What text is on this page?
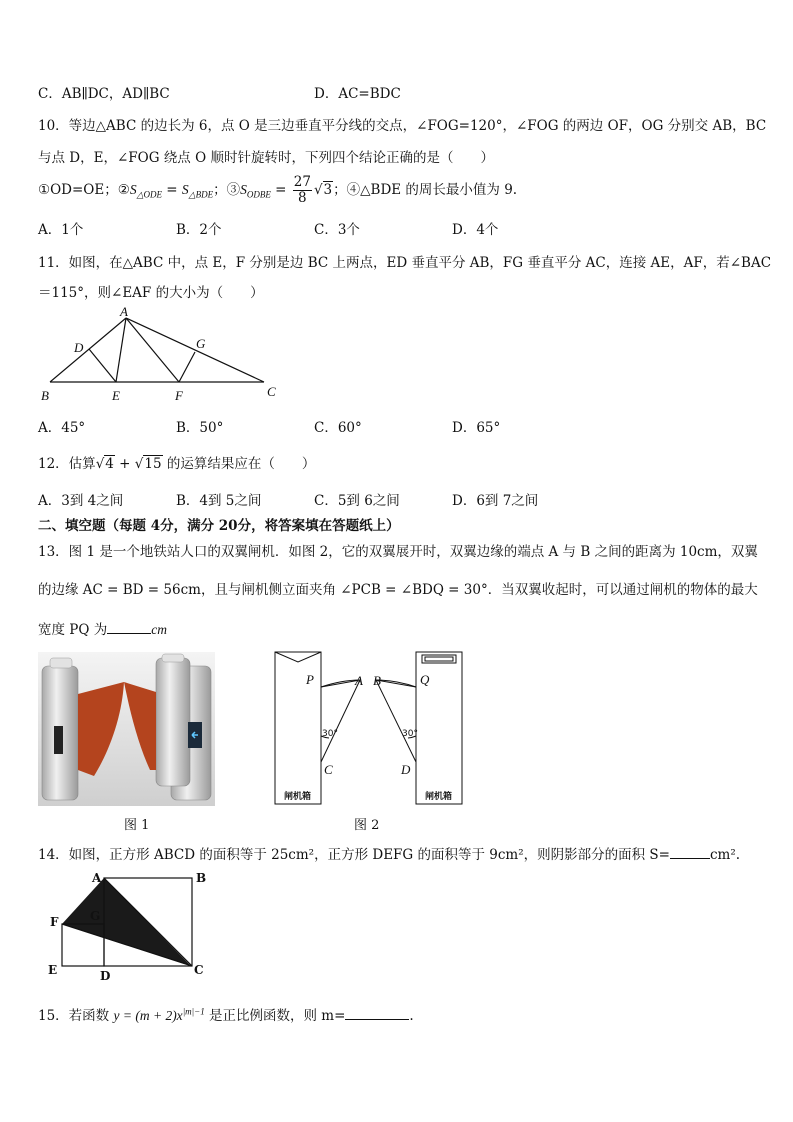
C．AB∥DC，AD∥BC	D．AC=BDC
10．等边△ABC 的边长为 6，点 O 是三边垂直平分线的交点，∠FOG=120°，∠FOG 的两边 OF，OG 分别交 AB，BC
与点 D，E，∠FOG 绕点 O 顺时针旋转时，下列四个结论正确的是（　　）
①OD=OE；$②S_{\triangle ODE} = S_{\triangle BDE}$；$③S_{ODBE} = \frac{27}{8} √3$；④△BDE 的周长最小值为 9.
A．1个	B．2个	C．3个	D．4个
11．如图，在△ABC 中，点 E，F 分别是边 BC 上两点，ED 垂直平分 AB，FG 垂直平分 AC，连接 AE，AF，若∠BAC
＝115°，则∠EAF 的大小为（　　）
A
D	G
B	E	F	C
A．45°	B．50°	C．60°	D．65°
12．估算√4 + √15 的运算结果应在（　　）
A．3到 4之间	B．4到 5之间	C．5到 6之间	D．6到 7之间
二、填空题（每题 4分，满分 20分，将答案填在答题纸上）
13．图 1 是一个地铁站人口的双翼闸机．如图 2，它的双翼展开时，双翼边缘的端点 A 与 B 之间的距离为 10cm，双翼
的边缘 AC = BD = 56cm，且与闸机侧立面夹角 ∠PCB = ∠BDQ = 30°．当双翼收起时，可以通过闸机的物体的最大
宽度 PQ 为	cm
图 1
P	A B	Q
C	D
30°	30°
闸机箱	闸机箱
图 2
14．如图，正方形 ABCD 的面积等于 25cm²，正方形 DEFG 的面积等于 9cm²，则阴影部分的面积 S=	cm².
A	B
G
F
E	D	C
15．若函数 $y = (m + 2)x^{|m|-1}$ 是正比例函数，则 m=	.
